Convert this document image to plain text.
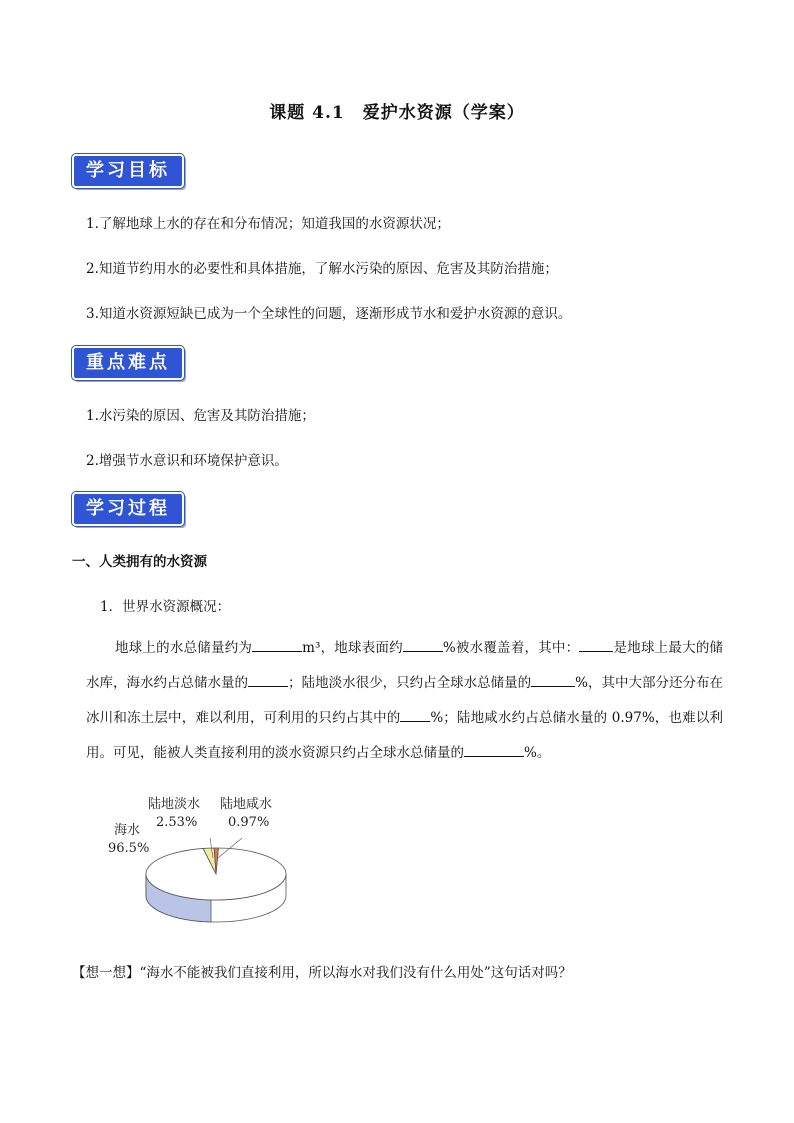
课题 4.1　爱护水资源（学案）
学习目标
1.了解地球上水的存在和分布情况；知道我国的水资源状况；
2.知道节约用水的必要性和具体措施，了解水污染的原因、危害及其防治措施；
3.知道水资源短缺已成为一个全球性的问题，逐渐形成节水和爱护水资源的意识。
重点难点
1.水污染的原因、危害及其防治措施；
2.增强节水意识和环境保护意识。
学习过程
一、人类拥有的水资源
1．世界水资源概况：
地球上的水总储量约为	m³，地球表面约	%被水覆盖着，其中：	是地球上最大的储水库，海水约占总储水量的	；陆地淡水很少，只约占全球水总储量的	%，其中大部分还分布在冰川和冻土层中，难以利用，可利用的只约占其中的 %；陆地咸水约占总储水量的 0.97%，也难以利用。可见，能被人类直接利用的淡水资源只约占全球水总储量的	%。
海水
96.5%
陆地淡水
2.53%
陆地咸水
0.97%
【想一想】“海水不能被我们直接利用，所以海水对我们没有什么用处”这句话对吗？
